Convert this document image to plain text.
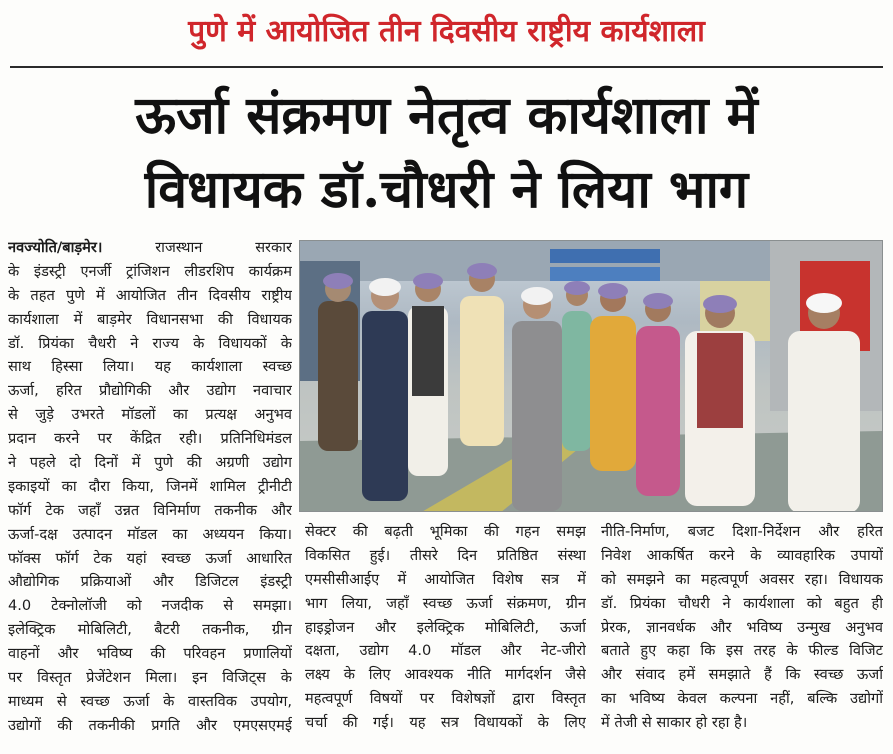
पुणे में आयोजित तीन दिवसीय राष्ट्रीय कार्यशाला
ऊर्जा संक्रमण नेतृत्व कार्यशाला में
विधायक डॉ.चौधरी ने लिया भाग
नवज्योति/बाड़मेर। राजस्थान सरकार
के इंडस्ट्री एनर्जी ट्रांजिशन लीडरशिप कार्यक्रम
के तहत पुणे में आयोजित तीन दिवसीय राष्ट्रीय
कार्यशाला में बाड़मेर विधानसभा की विधायक
डॉ. प्रियंका चैधरी ने राज्य के विधायकों के
साथ हिस्सा लिया। यह कार्यशाला स्वच्छ
ऊर्जा, हरित प्रौद्योगिकी और उद्योग नवाचार
से जुड़े उभरते मॉडलों का प्रत्यक्ष अनुभव
प्रदान करने पर केंद्रित रही। प्रतिनिधिमंडल
ने पहले दो दिनों में पुणे की अग्रणी उद्योग
इकाइयों का दौरा किया, जिनमें शामिल ट्रीनीटी
फॉर्ग टेक जहाँ उन्नत विनिर्माण तकनीक और
ऊर्जा-दक्ष उत्पादन मॉडल का अध्ययन किया।
फॉक्स फॉर्ग टेक यहां स्वच्छ ऊर्जा आधारित
औद्योगिक प्रक्रियाओं और डिजिटल इंडस्ट्री
4.0 टेक्नोलॉजी को नजदीक से समझा।
इलेक्ट्रिक मोबिलिटी, बैटरी तकनीक, ग्रीन
वाहनों और भविष्य की परिवहन प्रणालियों
पर विस्तृत प्रेजेंटेशन मिला। इन विजिट्स के
माध्यम से स्वच्छ ऊर्जा के वास्तविक उपयोग,
उद्योगों की तकनीकी प्रगति और एमएसएमई
सेक्टर की बढ़ती भूमिका की गहन समझ
विकसित हुई। तीसरे दिन प्रतिष्ठित संस्था
एमसीसीआईए में आयोजित विशेष सत्र में
भाग लिया, जहाँ स्वच्छ ऊर्जा संक्रमण, ग्रीन
हाइड्रोजन और इलेक्ट्रिक मोबिलिटी, ऊर्जा
दक्षता, उद्योग 4.0 मॉडल और नेट-जीरो
लक्ष्य के लिए आवश्यक नीति मार्गदर्शन जैसे
महत्वपूर्ण विषयों पर विशेषज्ञों द्वारा विस्तृत
चर्चा की गई। यह सत्र विधायकों के लिए
नीति-निर्माण, बजट दिशा-निर्देशन और हरित
निवेश आकर्षित करने के व्यावहारिक उपायों
को समझने का महत्वपूर्ण अवसर रहा। विधायक
डॉ. प्रियंका चौधरी ने कार्यशाला को बहुत ही
प्रेरक, ज्ञानवर्धक और भविष्य उन्मुख अनुभव
बताते हुए कहा कि इस तरह के फील्ड विजिट
और संवाद हमें समझाते हैं कि स्वच्छ ऊर्जा
का भविष्य केवल कल्पना नहीं, बल्कि उद्योगों
में तेजी से साकार हो रहा है।
